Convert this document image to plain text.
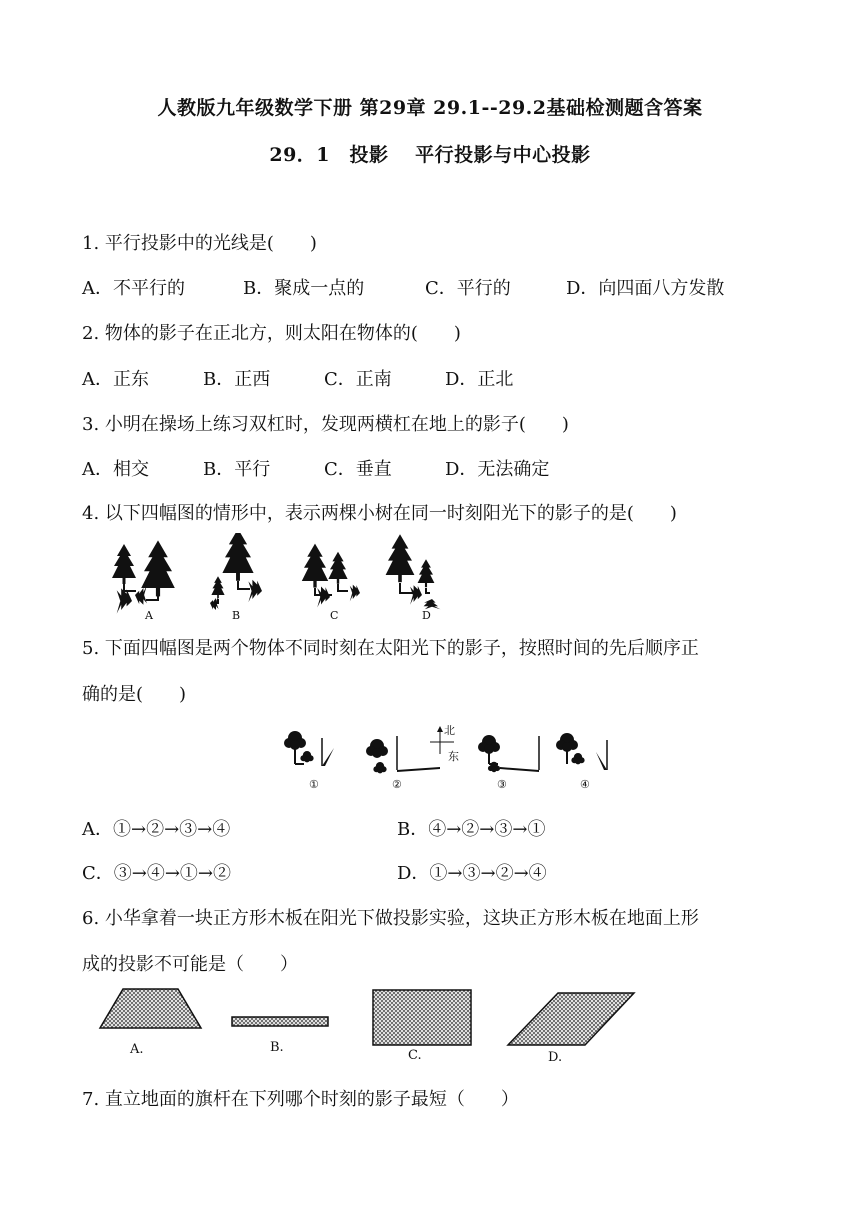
人教版九年级数学下册 第29章 29.1--29.2基础检测题含答案
29．1　投影　 平行投影与中心投影
1. 平行投影中的光线是(　　)
A．不平行的	B．聚成一点的	C．平行的	D．向四面八方发散
2. 物体的影子在正北方，则太阳在物体的(　　)
A．正东	B．正西	C．正南	D．正北
3. 小明在操场上练习双杠时，发现两横杠在地上的影子(　　)
A．相交	B．平行	C．垂直	D．无法确定
4. 以下四幅图的情形中，表示两棵小树在同一时刻阳光下的影子的是(　　)
A	B	C	D
5. 下面四幅图是两个物体不同时刻在太阳光下的影子，按照时间的先后顺序正
确的是(　　)
①	②
北
东
③	④
A．①→②→③→④	B．④→②→③→①
C．③→④→①→②	D．①→③→②→④
6. 小华拿着一块正方形木板在阳光下做投影实验，这块正方形木板在地面上形
成的投影不可能是（　　）
A.	B.
C.	D.
7. 直立地面的旗杆在下列哪个时刻的影子最短（　　）
